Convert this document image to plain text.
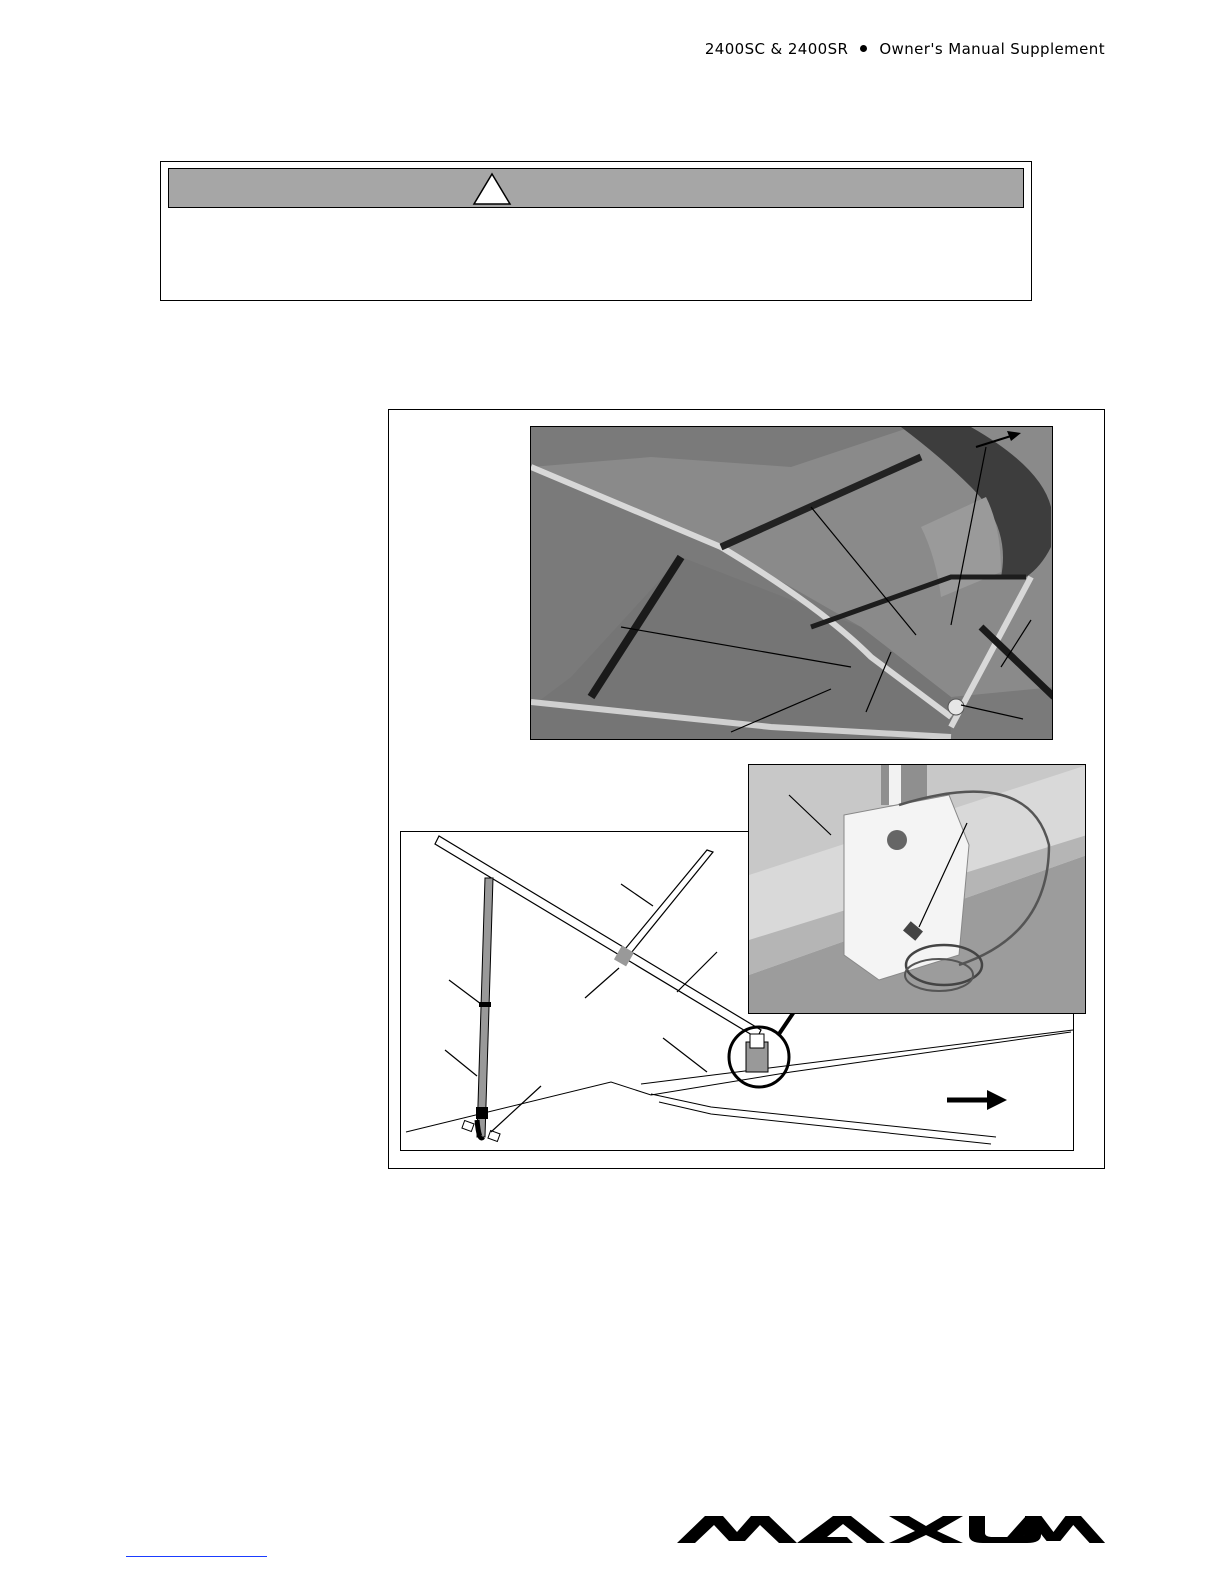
2400SC & 2400SR Owner's Manual Supplement
